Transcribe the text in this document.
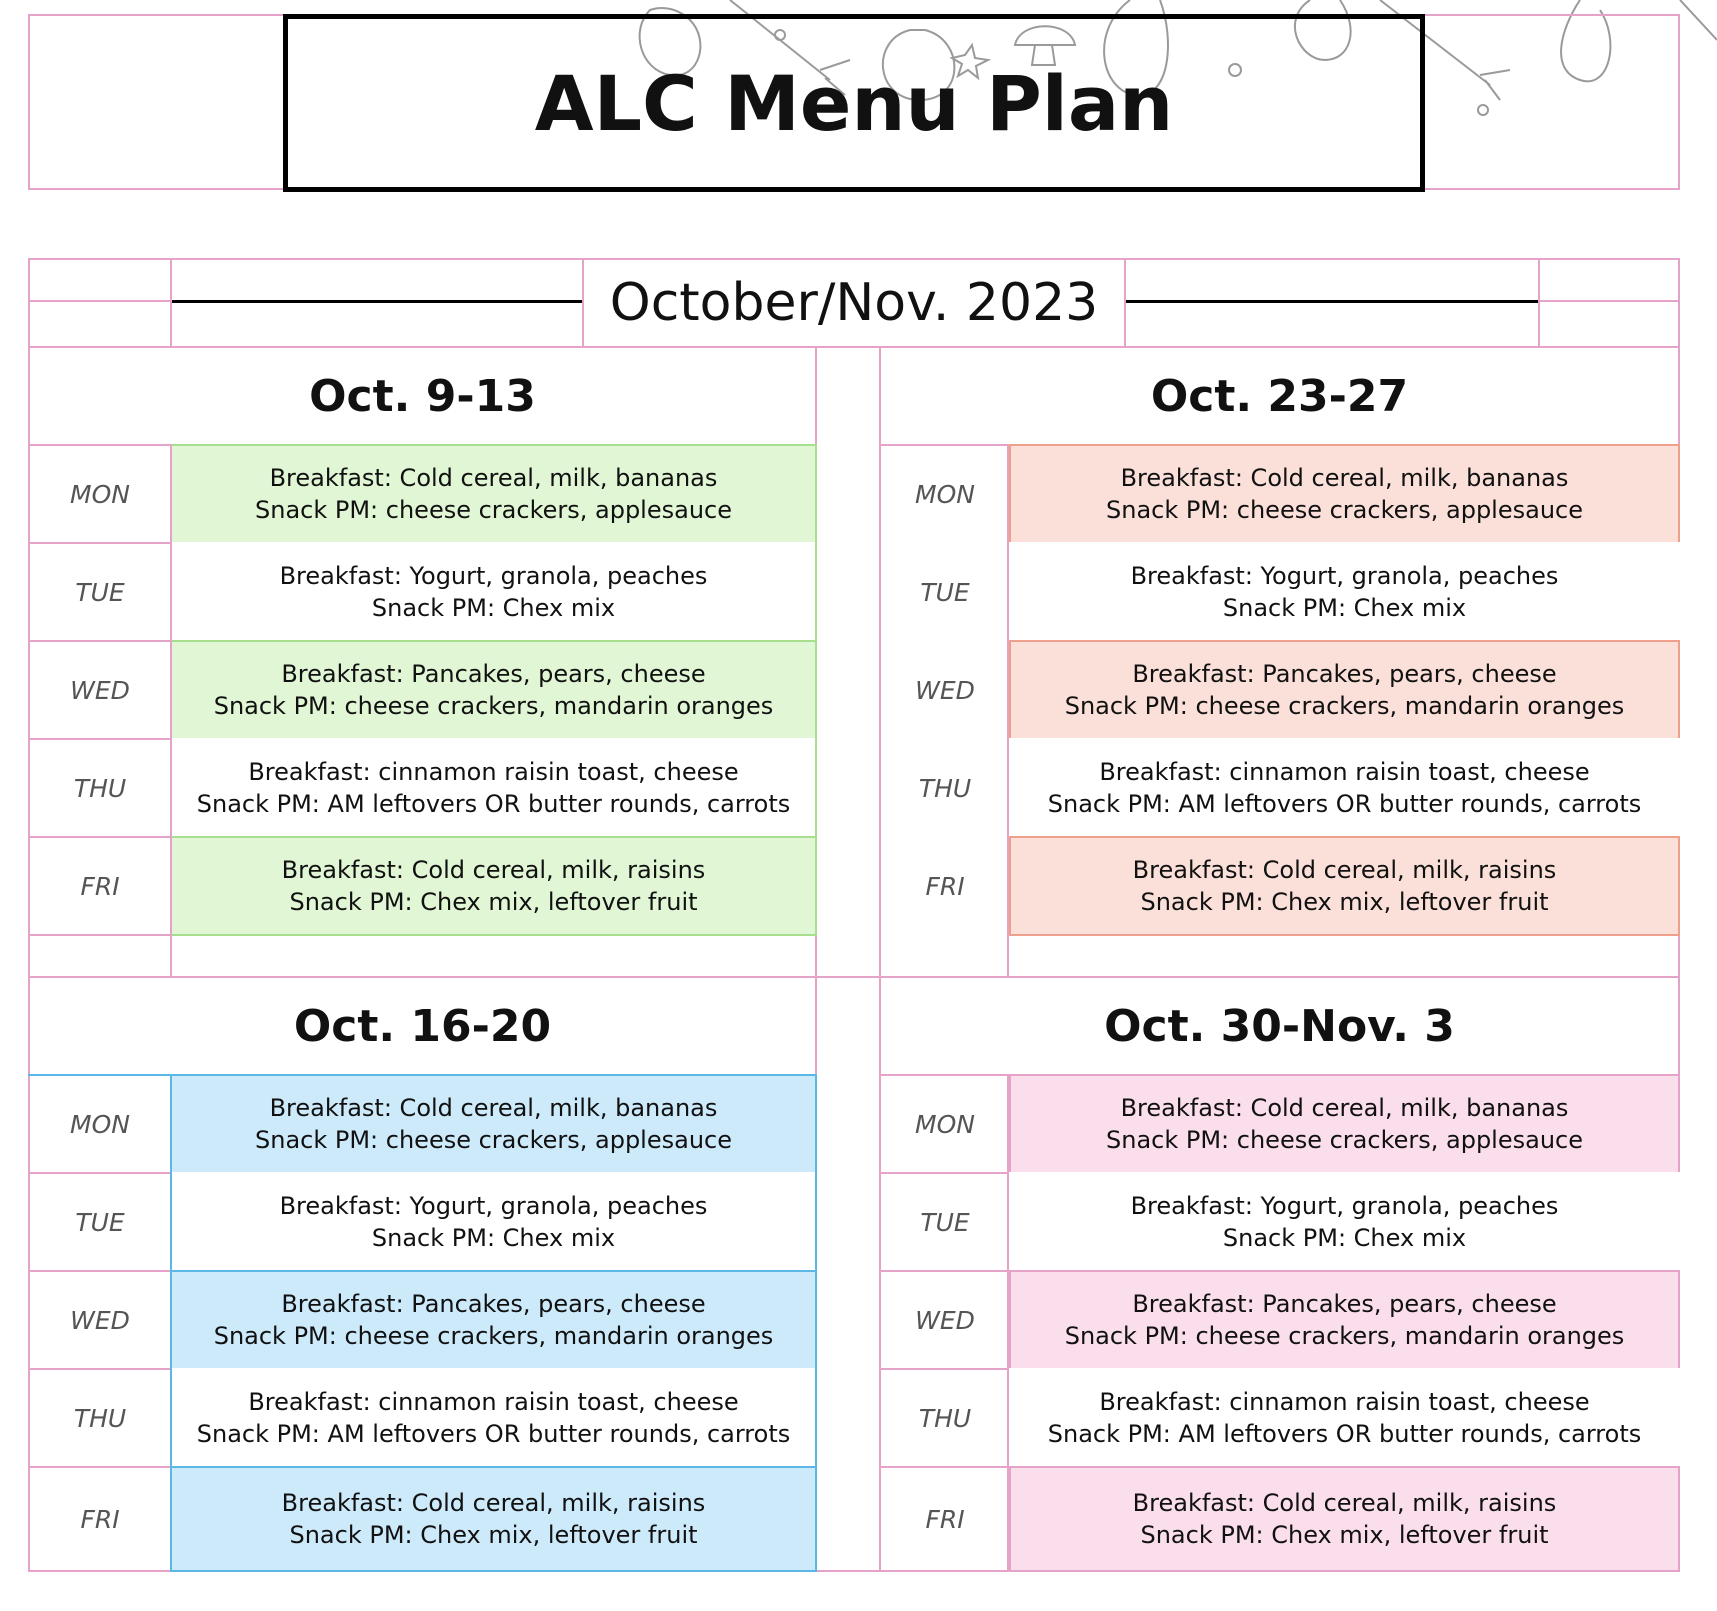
ALC Menu Plan
October/Nov. 2023
Oct. 9-13
MON
Breakfast: Cold cereal, milk, bananas
Snack PM: cheese crackers, applesauce
TUE
Breakfast: Yogurt, granola, peaches
Snack PM: Chex mix
WED
Breakfast: Pancakes, pears, cheese
Snack PM: cheese crackers, mandarin oranges
THU
Breakfast: cinnamon raisin toast, cheese
Snack PM: AM leftovers OR butter rounds, carrots
FRI
Breakfast: Cold cereal, milk, raisins
Snack PM: Chex mix, leftover fruit
Oct. 23-27
MON
Breakfast: Cold cereal, milk, bananas
Snack PM: cheese crackers, applesauce
TUE
Breakfast: Yogurt, granola, peaches
Snack PM: Chex mix
WED
Breakfast: Pancakes, pears, cheese
Snack PM: cheese crackers, mandarin oranges
THU
Breakfast: cinnamon raisin toast, cheese
Snack PM: AM leftovers OR butter rounds, carrots
FRI
Breakfast: Cold cereal, milk, raisins
Snack PM: Chex mix, leftover fruit
Oct. 16-20
MON
Breakfast: Cold cereal, milk, bananas
Snack PM: cheese crackers, applesauce
TUE
Breakfast: Yogurt, granola, peaches
Snack PM: Chex mix
WED
Breakfast: Pancakes, pears, cheese
Snack PM: cheese crackers, mandarin oranges
THU
Breakfast: cinnamon raisin toast, cheese
Snack PM: AM leftovers OR butter rounds, carrots
FRI
Breakfast: Cold cereal, milk, raisins
Snack PM: Chex mix, leftover fruit
Oct. 30-Nov. 3
MON
Breakfast: Cold cereal, milk, bananas
Snack PM: cheese crackers, applesauce
TUE
Breakfast: Yogurt, granola, peaches
Snack PM: Chex mix
WED
Breakfast: Pancakes, pears, cheese
Snack PM: cheese crackers, mandarin oranges
THU
Breakfast: cinnamon raisin toast, cheese
Snack PM: AM leftovers OR butter rounds, carrots
FRI
Breakfast: Cold cereal, milk, raisins
Snack PM: Chex mix, leftover fruit
